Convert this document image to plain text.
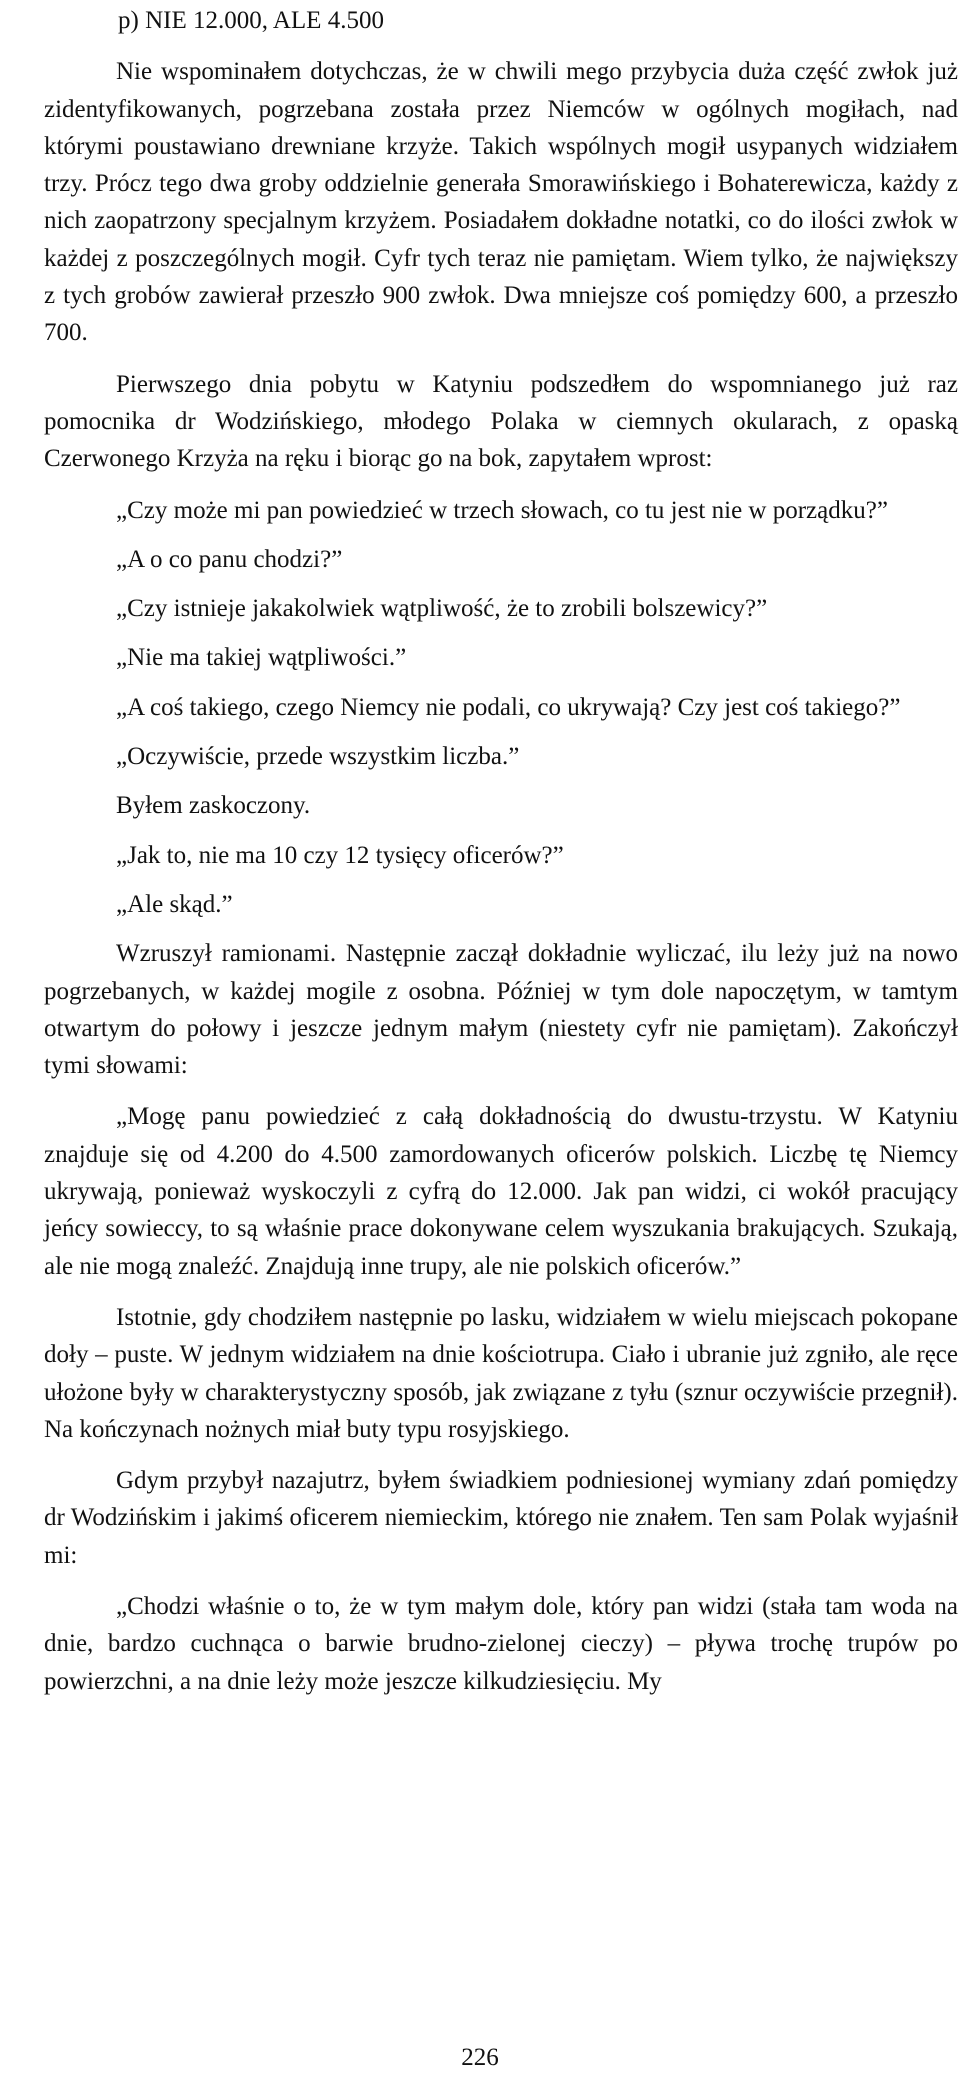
p) NIE 12.000, ALE 4.500

Nie wspominałem dotychczas, że w chwili mego przybycia duża część zwłok już zidentyfikowanych, pogrzebana została przez Niemców w ogólnych mogiłach, nad którymi poustawiano drewniane krzyże. Takich wspólnych mogił usypanych widziałem trzy. Prócz tego dwa groby oddzielnie generała Smorawińskiego i Bohaterewicza, każdy z nich zaopatrzony specjalnym krzyżem. Posiadałem dokładne notatki, co do ilości zwłok w każdej z poszczególnych mogił. Cyfr tych teraz nie pamiętam. Wiem tylko, że największy z tych grobów zawierał przeszło 900 zwłok. Dwa mniejsze coś pomiędzy 600, a przeszło 700.

Pierwszego dnia pobytu w Katyniu podszedłem do wspomnianego już raz pomocnika dr Wodzińskiego, młodego Polaka w ciemnych okularach, z opaską Czerwonego Krzyża na ręku i biorąc go na bok, zapytałem wprost:

„Czy może mi pan powiedzieć w trzech słowach, co tu jest nie w porządku?”

„A o co panu chodzi?”

„Czy istnieje jakakolwiek wątpliwość, że to zrobili bolszewicy?”

„Nie ma takiej wątpliwości.”

„A coś takiego, czego Niemcy nie podali, co ukrywają? Czy jest coś takiego?”

„Oczywiście, przede wszystkim liczba.”

Byłem zaskoczony.

„Jak to, nie ma 10 czy 12 tysięcy oficerów?”

„Ale skąd.”

Wzruszył ramionami. Następnie zaczął dokładnie wyliczać, ilu leży już na nowo pogrzebanych, w każdej mogile z osobna. Później w tym dole napoczętym, w tamtym otwartym do połowy i jeszcze jednym małym (niestety cyfr nie pamiętam). Zakończył tymi słowami:

„Mogę panu powiedzieć z całą dokładnością do dwustu-trzystu. W Katyniu znajduje się od 4.200 do 4.500 zamordowanych oficerów polskich. Liczbę tę Niemcy ukrywają, ponieważ wyskoczyli z cyfrą do 12.000. Jak pan widzi, ci wokół pracujący jeńcy sowieccy, to są właśnie prace dokonywane celem wyszukania brakujących. Szukają, ale nie mogą znaleźć. Znajdują inne trupy, ale nie polskich oficerów.”

Istotnie, gdy chodziłem następnie po lasku, widziałem w wielu miejscach pokopane doły – puste. W jednym widziałem na dnie kościotrupa. Ciało i ubranie już zgniło, ale ręce ułożone były w charakterystyczny sposób, jak związane z tyłu (sznur oczywiście przegnił). Na kończynach nożnych miał buty typu rosyjskiego.

Gdym przybył nazajutrz, byłem świadkiem podniesionej wymiany zdań pomiędzy dr Wodzińskim i jakimś oficerem niemieckim, którego nie znałem. Ten sam Polak wyjaśnił mi:

„Chodzi właśnie o to, że w tym małym dole, który pan widzi (stała tam woda na dnie, bardzo cuchnąca o barwie brudno-zielonej cieczy) – pływa trochę trupów po powierzchni, a na dnie leży może jeszcze kilkudziesięciu. My

226
